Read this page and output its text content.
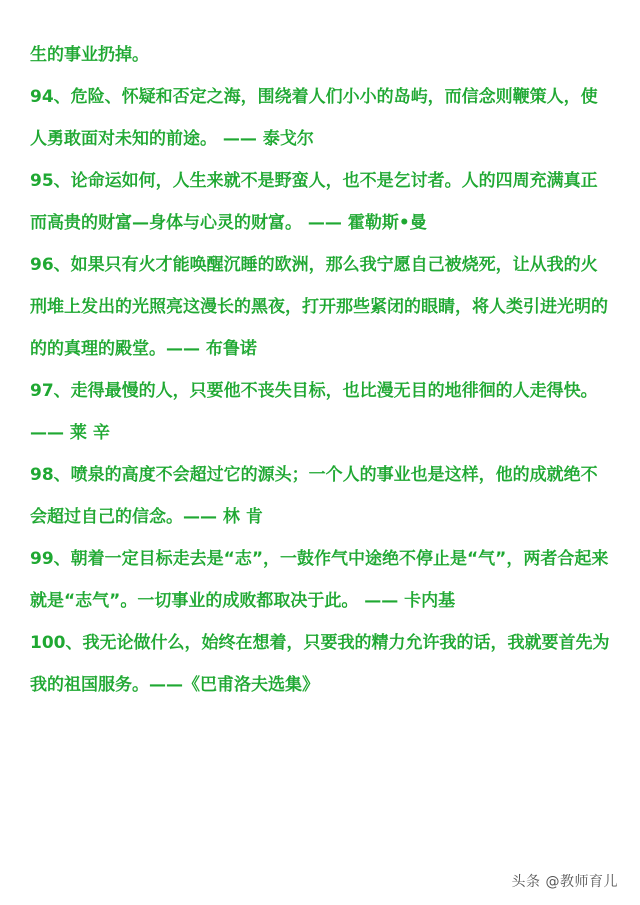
生的事业扔掉。

94、危险、怀疑和否定之海，围绕着人们小小的岛屿，而信念则鞭策人，使人勇敢面对未知的前途。 —— 泰戈尔

95、论命运如何，人生来就不是野蛮人，也不是乞讨者。人的四周充满真正而高贵的财富—身体与心灵的财富。 —— 霍勒斯•曼

96、如果只有火才能唤醒沉睡的欧洲，那么我宁愿自己被烧死，让从我的火刑堆上发出的光照亮这漫长的黑夜，打开那些紧闭的眼睛，将人类引进光明的的的真理的殿堂。—— 布鲁诺

97、走得最慢的人，只要他不丧失目标，也比漫无目的地徘徊的人走得快。 —— 莱 辛

98、喷泉的高度不会超过它的源头；一个人的事业也是这样，他的成就绝不会超过自己的信念。—— 林 肯

99、朝着一定目标走去是“志”，一鼓作气中途绝不停止是“气”，两者合起来就是“志气”。一切事业的成败都取决于此。 —— 卡内基

100、我无论做什么，始终在想着，只要我的精力允许我的话，我就要首先为我的祖国服务。——《巴甫洛夫选集》

头条 @教师育儿
